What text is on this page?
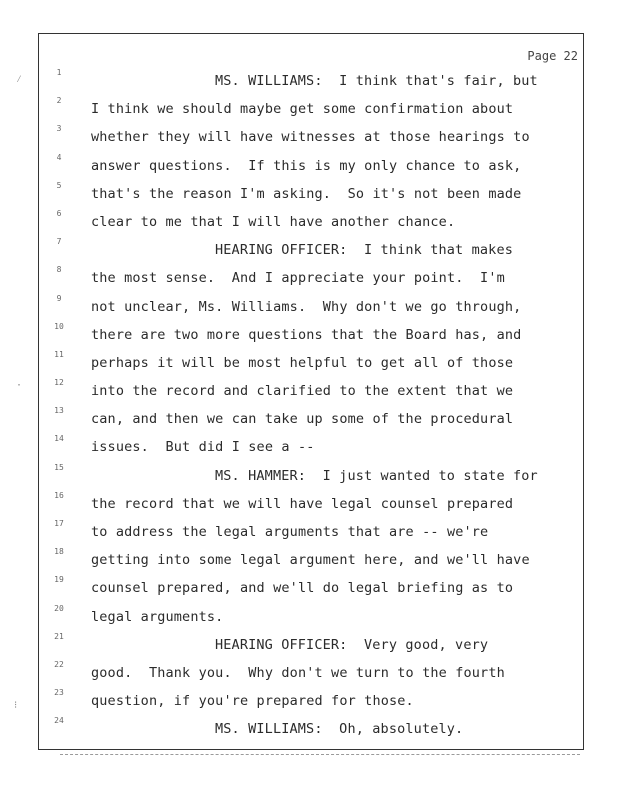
Page 22
⁄
·
⁝
1
MS. WILLIAMS:  I think that's fair, but
2
I think we should maybe get some confirmation about
3
whether they will have witnesses at those hearings to
4
answer questions.  If this is my only chance to ask,
5
that's the reason I'm asking.  So it's not been made
6
clear to me that I will have another chance.
7
HEARING OFFICER:  I think that makes
8
the most sense.  And I appreciate your point.  I'm
9
not unclear, Ms. Williams.  Why don't we go through,
10
there are two more questions that the Board has, and
11
perhaps it will be most helpful to get all of those
12
into the record and clarified to the extent that we
13
can, and then we can take up some of the procedural
14
issues.  But did I see a --
15
MS. HAMMER:  I just wanted to state for
16
the record that we will have legal counsel prepared
17
to address the legal arguments that are -- we're
18
getting into some legal argument here, and we'll have
19
counsel prepared, and we'll do legal briefing as to
20
legal arguments.
21
HEARING OFFICER:  Very good, very
22
good.  Thank you.  Why don't we turn to the fourth
23
question, if you're prepared for those.
24
MS. WILLIAMS:  Oh, absolutely.
